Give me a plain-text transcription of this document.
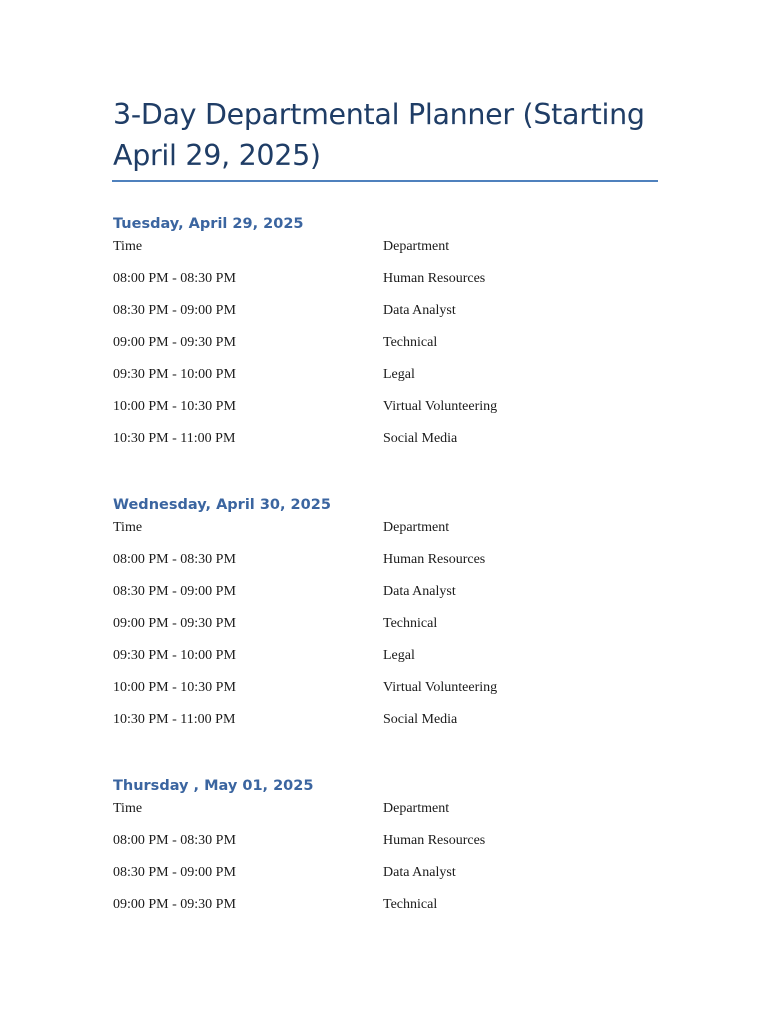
3-Day Departmental Planner (Starting April 29, 2025)
Tuesday, April 29, 2025
Time	Department
08:00 PM - 08:30 PM	Human Resources
08:30 PM - 09:00 PM	Data Analyst
09:00 PM - 09:30 PM	Technical
09:30 PM - 10:00 PM	Legal
10:00 PM - 10:30 PM	Virtual Volunteering
10:30 PM - 11:00 PM	Social Media
Wednesday, April 30, 2025
Time	Department
08:00 PM - 08:30 PM	Human Resources
08:30 PM - 09:00 PM	Data Analyst
09:00 PM - 09:30 PM	Technical
09:30 PM - 10:00 PM	Legal
10:00 PM - 10:30 PM	Virtual Volunteering
10:30 PM - 11:00 PM	Social Media
Thursday , May 01, 2025
Time	Department
08:00 PM - 08:30 PM	Human Resources
08:30 PM - 09:00 PM	Data Analyst
09:00 PM - 09:30 PM	Technical
